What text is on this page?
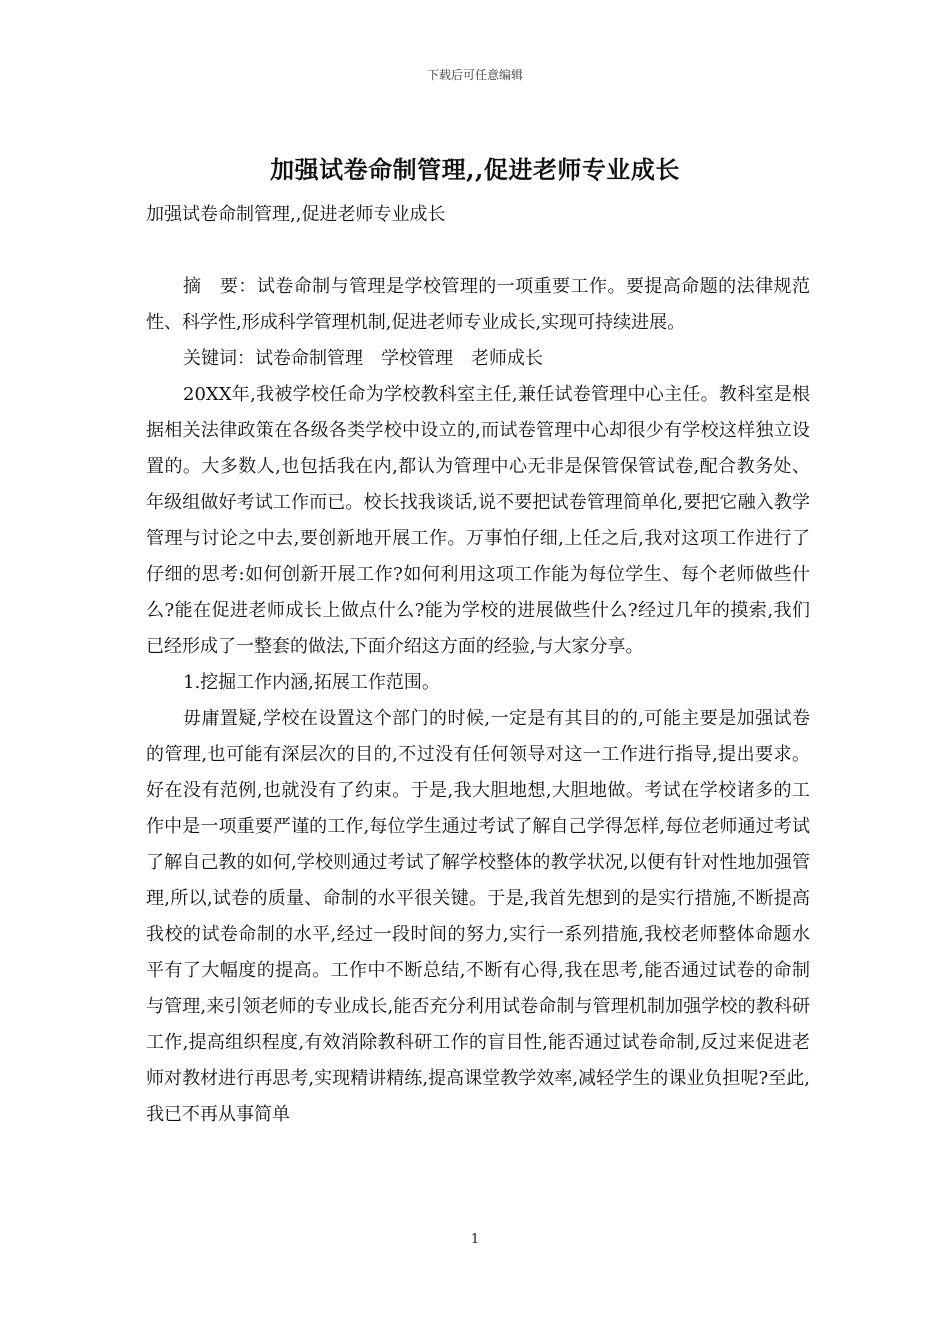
下载后可任意编辑
加强试卷命制管理,,促进老师专业成长

加强试卷命制管理,,促进老师专业成长

摘　要：试卷命制与管理是学校管理的一项重要工作。要提高命题的法律规范性、科学性,形成科学管理机制,促进老师专业成长,实现可持续进展。

关键词：试卷命制管理　学校管理　老师成长

20XX年,我被学校任命为学校教科室主任,兼任试卷管理中心主任。教科室是根据相关法律政策在各级各类学校中设立的,而试卷管理中心却很少有学校这样独立设置的。大多数人,也包括我在内,都认为管理中心无非是保管保管试卷,配合教务处、年级组做好考试工作而已。校长找我谈话,说不要把试卷管理简单化,要把它融入教学管理与讨论之中去,要创新地开展工作。万事怕仔细,上任之后,我对这项工作进行了仔细的思考:如何创新开展工作?如何利用这项工作能为每位学生、每个老师做些什么?能在促进老师成长上做点什么?能为学校的进展做些什么?经过几年的摸索,我们已经形成了一整套的做法,下面介绍这方面的经验,与大家分享。

1.挖掘工作内涵,拓展工作范围。

毋庸置疑,学校在设置这个部门的时候,一定是有其目的的,可能主要是加强试卷的管理,也可能有深层次的目的,不过没有任何领导对这一工作进行指导,提出要求。好在没有范例,也就没有了约束。于是,我大胆地想,大胆地做。考试在学校诸多的工作中是一项重要严谨的工作,每位学生通过考试了解自己学得怎样,每位老师通过考试了解自己教的如何,学校则通过考试了解学校整体的教学状况,以便有针对性地加强管理,所以,试卷的质量、命制的水平很关键。于是,我首先想到的是实行措施,不断提高我校的试卷命制的水平,经过一段时间的努力,实行一系列措施,我校老师整体命题水平有了大幅度的提高。工作中不断总结,不断有心得,我在思考,能否通过试卷的命制与管理,来引领老师的专业成长,能否充分利用试卷命制与管理机制加强学校的教科研工作,提高组织程度,有效消除教科研工作的盲目性,能否通过试卷命制,反过来促进老师对教材进行再思考,实现精讲精练,提高课堂教学效率,减轻学生的课业负担呢?至此,我已不再从事简单

1
